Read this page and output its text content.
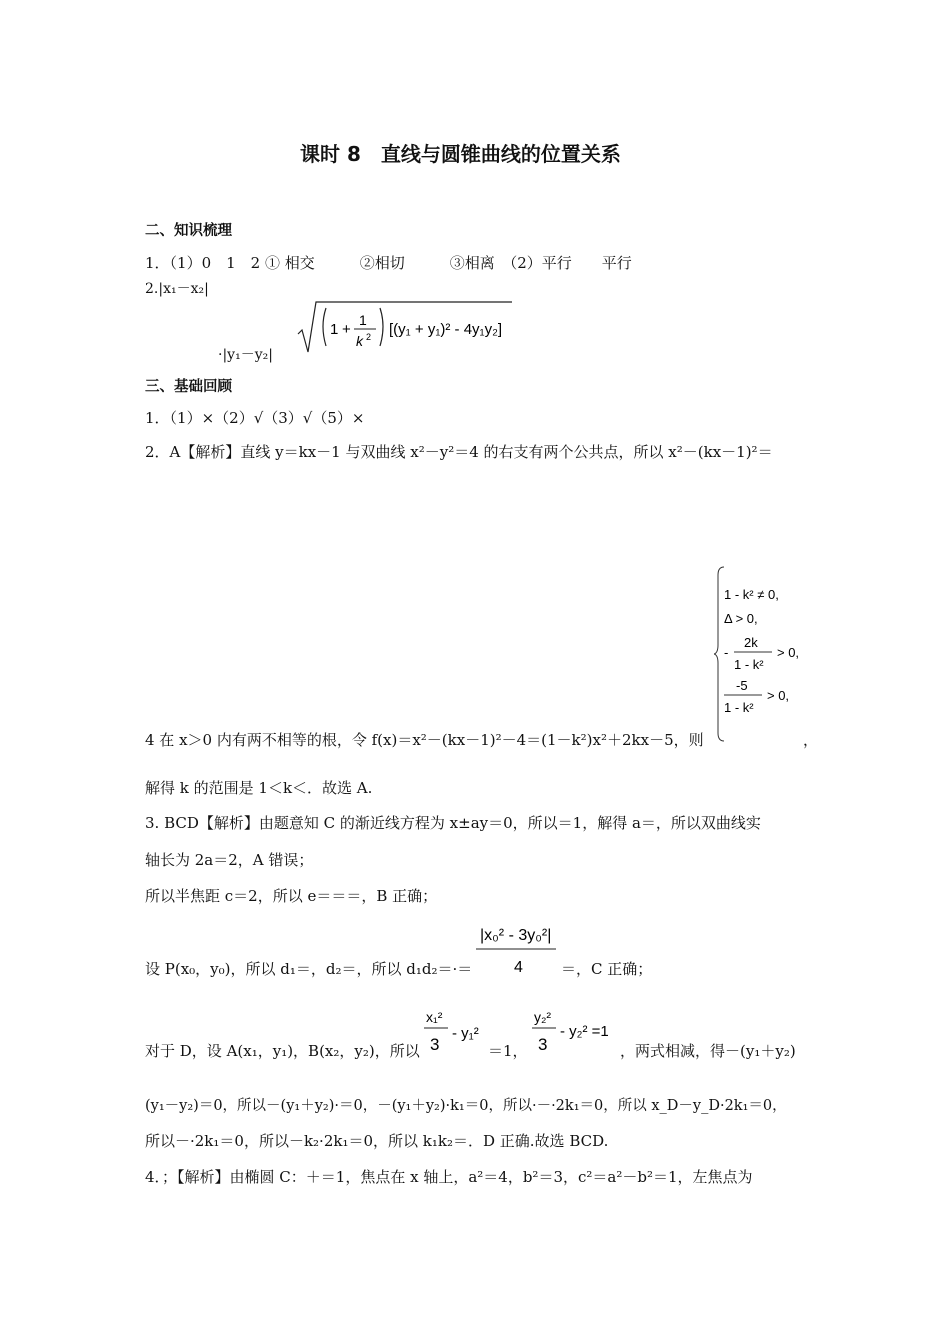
课时 8　直线与圆锥曲线的位置关系
二、知识梳理
1．（1）0　1　2 ① 相交　　　②相切　　　③相离　（2）平行　　平行
2.|x₁－x₂|
1 +
1
k 2 [(y₁ + y₁)² - 4y₁y₂]
·|y₁－y₂|
三、基础回顾
1．（1）×（2）√（3）√（5）×
2．A【解析】直线 y＝kx－1 与双曲线 x²－y²＝4 的右支有两个公共点，所以 x²－(kx－1)²＝
1 - k² ≠ 0,
Δ > 0,
-
2k
1 - k²
> 0,
-5
1 - k²
> 0,
4 在 x＞0 内有两不相等的根，令 f(x)＝x²－(kx－1)²－4＝(1－k²)x²＋2kx－5，则	，
解得 k 的范围是 1＜k＜．故选 A.
3. BCD【解析】由题意知 C 的渐近线方程为 x±ay＝0，所以＝1，解得 a＝，所以双曲线实
轴长为 2a＝2，A 错误；
所以半焦距 c＝2，所以 e＝＝＝，B 正确；
|x₀² - 3y₀²|
4
设 P(x₀，y₀)，所以 d₁＝，d₂＝，所以 d₁d₂＝·＝	＝，C 正确；
x₁²
3
- y₁²
y₂²
3
- y₂² =1
对于 D，设 A(x₁，y₁)，B(x₂，y₂)，所以	＝1，	，两式相减，得－(y₁＋y₂)
(y₁－y₂)＝0，所以－(y₁＋y₂)·＝0，－(y₁＋y₂)·k₁＝0，所以·－·2k₁＝0，所以 x_D－y_D·2k₁＝0，
所以－·2k₁＝0，所以－k₂·2k₁＝0，所以 k₁k₂＝．D 正确.故选 BCD.
4．；【解析】由椭圆 C：＋＝1，焦点在 x 轴上，a²＝4，b²＝3，c²＝a²－b²＝1，左焦点为
